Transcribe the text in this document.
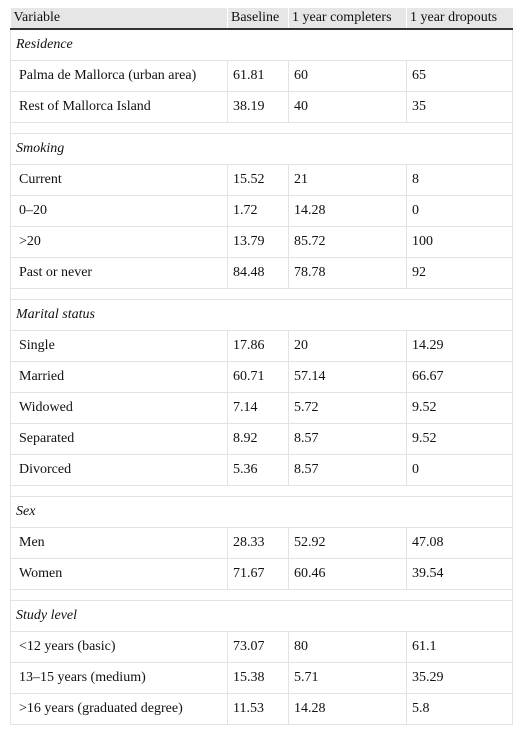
Variable	Baseline	1 year completers	1 year dropouts
Residence			
Palma de Mallorca (urban area)	61.81	60	65
Rest of Mallorca Island	38.19	40	35

Smoking			
Current	15.52	21	8
0–20	1.72	14.28	0
>20	13.79	85.72	100
Past or never	84.48	78.78	92

Marital status			
Single	17.86	20	14.29
Married	60.71	57.14	66.67
Widowed	7.14	5.72	9.52
Separated	8.92	8.57	9.52
Divorced	5.36	8.57	0

Sex			
Men	28.33	52.92	47.08
Women	71.67	60.46	39.54

Study level			
<12 years (basic)	73.07	80	61.1
13–15 years (medium)	15.38	5.71	35.29
>16 years (graduated degree)	11.53	14.28	5.8
